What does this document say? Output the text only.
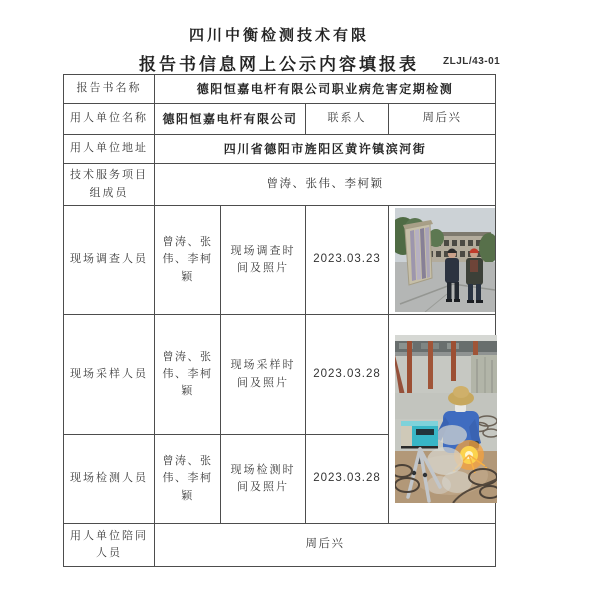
四川中衡检测技术有限
报告书信息网上公示内容填报表	ZLJL/43-01
报告书名称	德阳恒嘉电杆有限公司职业病危害定期检测			
用人单位名称	德阳恒嘉电杆有限公司		联系人	周后兴
用人单位地址	四川省德阳市旌阳区黄许镇滨河街			
技术服务项目组成员	曾涛、张伟、李柯颖			
现场调查人员	曾涛、张伟、李柯颖	现场调查时间及照片	2023.03.23	

现场采样人员	曾涛、张伟、李柯颖	现场采样时间及照片	2023.03.28	

现场检测人员	曾涛、张伟、李柯颖	现场检测时间及照片	2023.03.28	
用人单位陪同人员	周后兴			
